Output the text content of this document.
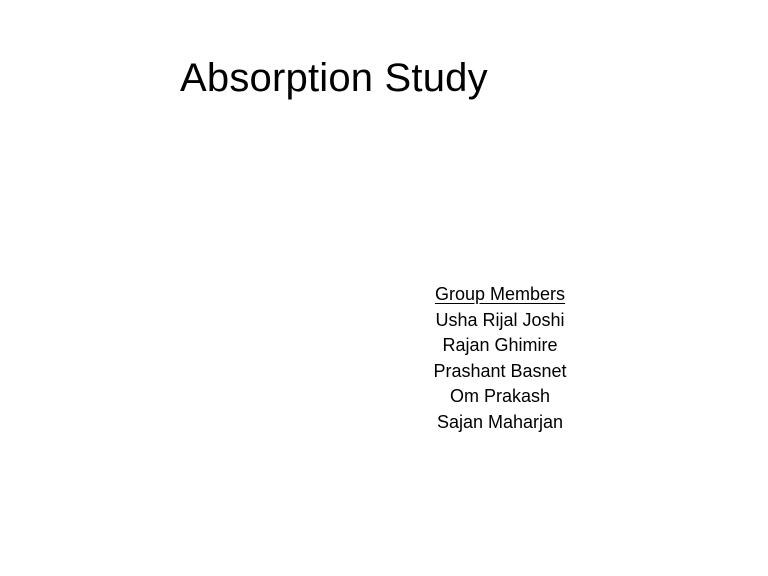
Absorption Study
Group Members
Usha Rijal Joshi
Rajan Ghimire
Prashant Basnet
Om Prakash
Sajan Maharjan
